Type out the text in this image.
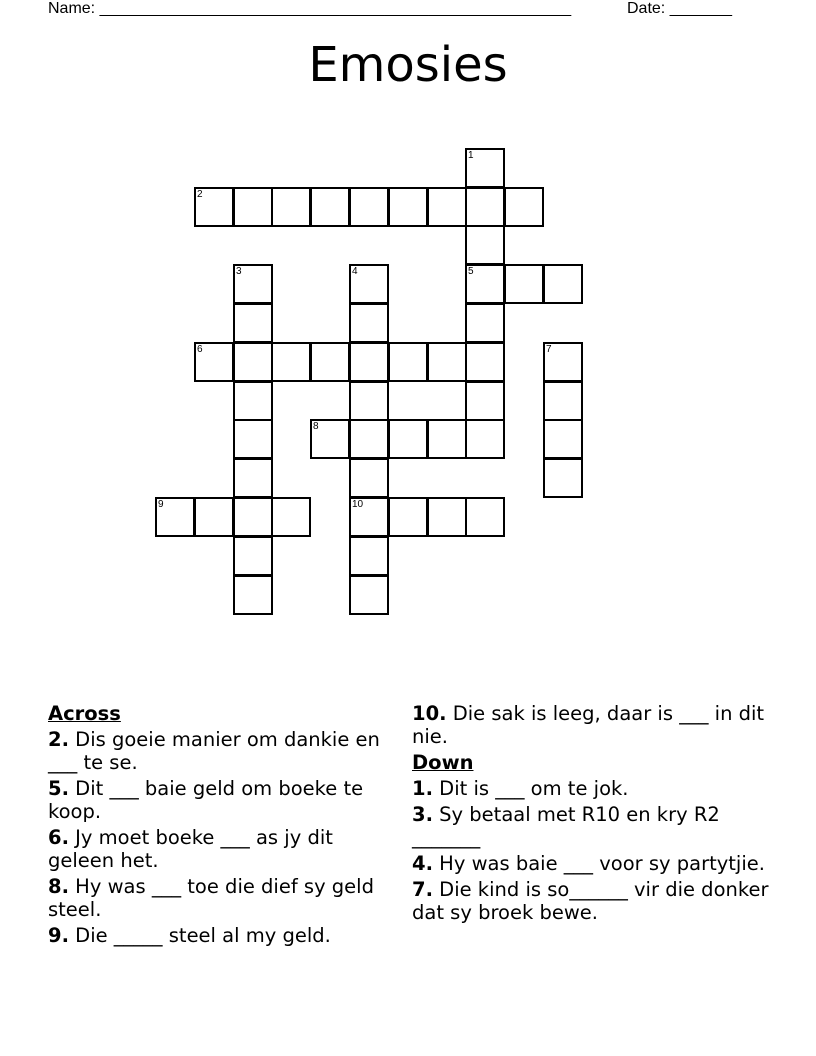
Name: _____________________________________________________	Date: _______
Emosies
1
2
3	4	5
6	7
8
9	10
Across
2. Dis goeie manier om dankie en ___ te se.
5. Dit ___ baie geld om boeke te koop.
6. Jy moet boeke ___ as jy dit geleen het.
8. Hy was ___ toe die dief sy geld steel.
9. Die _____ steel al my geld.
10. Die sak is leeg, daar is ___ in dit nie.
Down
1. Dit is ___ om te jok.
3. Sy betaal met R10 en kry R2 _______
4. Hy was baie ___ voor sy partytjie.
7. Die kind is so______ vir die donker dat sy broek bewe.
